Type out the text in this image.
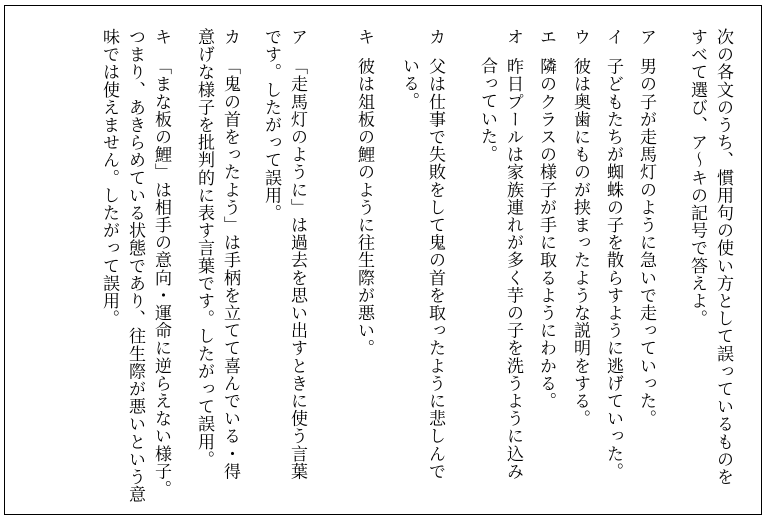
次の各文のうち、慣用句の使い方として誤っているものを
すべて選び、ア～キの記号で答えよ。
ア男の子が走馬灯のように急いで走っていった。
イ子どもたちが蜘蛛の子を散らすように逃げていった。
ウ彼は奥歯にものが挟まったような説明をする。
エ隣のクラスの様子が手に取るようにわかる。
オ昨日プールは家族連れが多く芋の子を洗うように込み
合っていた。
カ父は仕事で失敗をして鬼の首を取ったように悲しんで
いる。
キ彼は俎板の鯉のように往生際が悪い。
ア「走馬灯のように」は過去を思い出すときに使う言葉
です。したがって誤用。
カ「鬼の首をったよう」は手柄を立てて喜んでいる・得
意げな様子を批判的に表す言葉です。したがって誤用。
キ「まな板の鯉」は相手の意向・運命に逆らえない様子。
つまり、あきらめている状態であり、往生際が悪いという意
味では使えません。したがって誤用。
